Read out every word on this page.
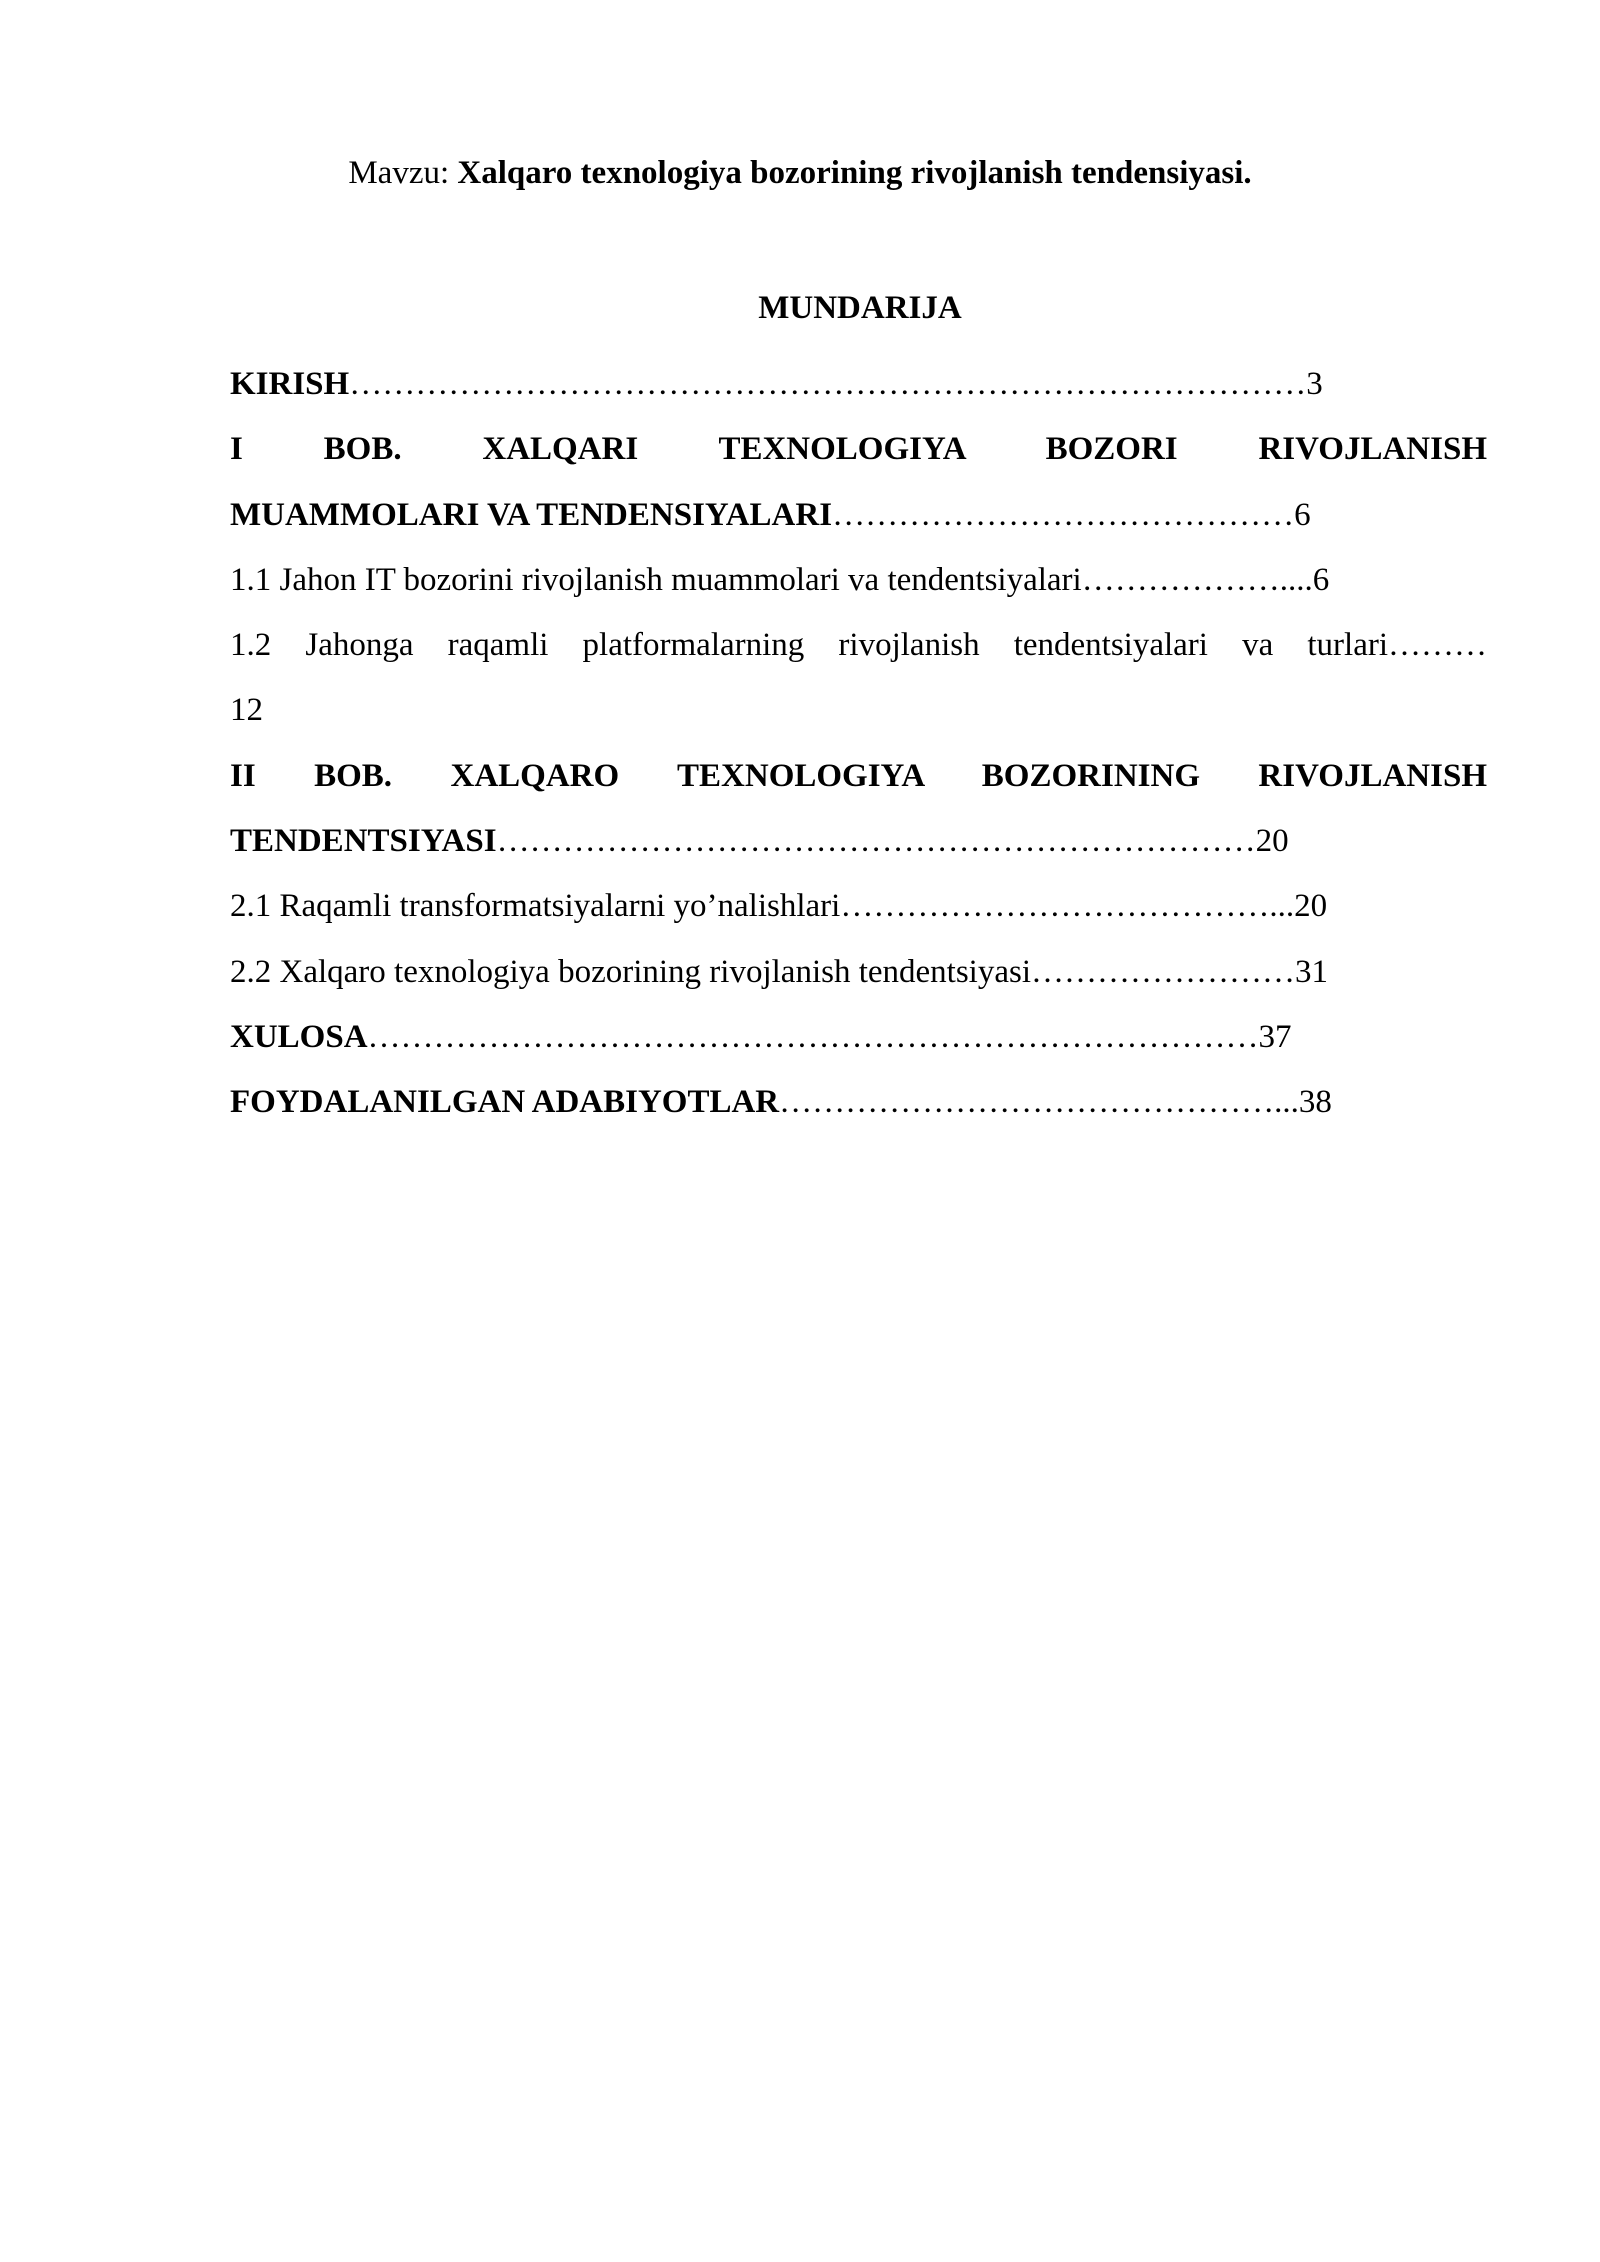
Mavzu: Xalqaro texnologiya bozorining rivojlanish tendensiyasi.
MUNDARIJA
KIRISH……………………………………………………………………………3
I BOB. XALQARI TEXNOLOGIYA BOZORI RIVOJLANISH
MUAMMOLARI VA TENDENSIYALARI……………………………………6
1.1 Jahon IT bozorini rivojlanish muammolari va tendentsiyalari………………....6
1.2 Jahonga raqamli platformalarning rivojlanish tendentsiyalari va turlari………
12
II BOB. XALQARO TEXNOLOGIYA BOZORINING RIVOJLANISH
TENDENTSIYASI……………………………………………………………20
2.1 Raqamli transformatsiyalarni yo’nalishlari…………………………………...20
2.2 Xalqaro texnologiya bozorining rivojlanish tendentsiyasi……………………31
XULOSA………………………………………………………………………37
FOYDALANILGAN ADABIYOTLAR………………………………………...38
